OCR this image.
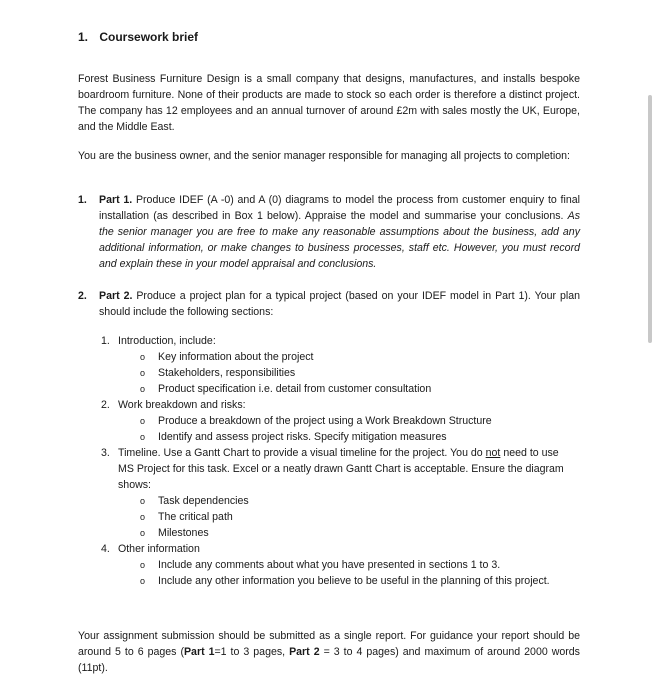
1. Coursework brief
Forest Business Furniture Design is a small company that designs, manufactures, and installs bespoke boardroom furniture. None of their products are made to stock so each order is therefore a distinct project. The company has 12 employees and an annual turnover of around £2m with sales mostly the UK, Europe, and the Middle East.
You are the business owner, and the senior manager responsible for managing all projects to completion:
1. Part 1. Produce IDEF (A -0) and A (0) diagrams to model the process from customer enquiry to final installation (as described in Box 1 below). Appraise the model and summarise your conclusions. As the senior manager you are free to make any reasonable assumptions about the business, add any additional information, or make changes to business processes, staff etc. However, you must record and explain these in your model appraisal and conclusions.
2. Part 2. Produce a project plan for a typical project (based on your IDEF model in Part 1). Your plan should include the following sections:
1. Introduction, include:
o Key information about the project
o Stakeholders, responsibilities
o Product specification i.e. detail from customer consultation
2. Work breakdown and risks:
o Produce a breakdown of the project using a Work Breakdown Structure
o Identify and assess project risks. Specify mitigation measures
3. Timeline. Use a Gantt Chart to provide a visual timeline for the project. You do not need to use MS Project for this task. Excel or a neatly drawn Gantt Chart is acceptable. Ensure the diagram shows:
o Task dependencies
o The critical path
o Milestones
4. Other information
o Include any comments about what you have presented in sections 1 to 3.
o Include any other information you believe to be useful in the planning of this project.
Your assignment submission should be submitted as a single report. For guidance your report should be around 5 to 6 pages (Part 1=1 to 3 pages, Part 2 = 3 to 4 pages) and maximum of around 2000 words (11pt).
